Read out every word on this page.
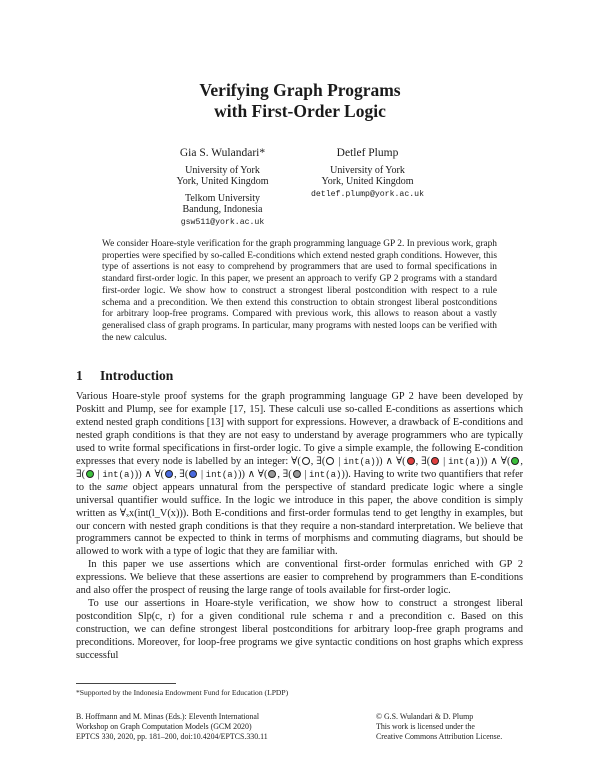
Verifying Graph Programs
with First-Order Logic
Gia S. Wulandari*
University of York
York, United Kingdom
Telkom University
Bandung, Indonesia
gsw511@york.ac.uk
Detlef Plump
University of York
York, United Kingdom
detlef.plump@york.ac.uk
We consider Hoare-style verification for the graph programming language GP 2. In previous work, graph properties were specified by so-called E-conditions which extend nested graph conditions. However, this type of assertions is not easy to comprehend by programmers that are used to formal specifications in standard first-order logic. In this paper, we present an approach to verify GP 2 programs with a standard first-order logic. We show how to construct a strongest liberal postcondition with respect to a rule schema and a precondition. We then extend this construction to obtain strongest liberal postconditions for arbitrary loop-free programs. Compared with previous work, this allows to reason about a vastly generalised class of graph programs. In particular, many programs with nested loops can be verified with the new calculus.
1 Introduction

Various Hoare-style proof systems for the graph programming language GP 2 have been developed by Poskitt and Plump, see for example [17, 15]. These calculi use so-called E-conditions as assertions which extend nested graph conditions [13] with support for expressions. However, a drawback of E-conditions and nested graph conditions is that they are not easy to understand by average programmers who are typically used to write formal specifications in first-order logic. To give a simple example, the following E-condition expresses that every node is labelled by an integer: ∀( , ∃( | int(a))) ∧ ∀( , ∃( | int(a))) ∧ ∀( , ∃( | int(a))) ∧ ∀( , ∃( | int(a))) ∧ ∀( , ∃( | int(a))). Having to write two quantifiers that refer to the same object appears unnatural from the perspective of standard predicate logic where a single universal quantifier would suffice. In the logic we introduce in this paper, the above condition is simply written as ∀ₓx(int(l_V(x))). Both E-conditions and first-order formulas tend to get lengthy in examples, but our concern with nested graph conditions is that they require a non-standard interpretation. We believe that programmers cannot be expected to think in terms of morphisms and commuting diagrams, but should be allowed to work with a type of logic that they are familiar with.

In this paper we use assertions which are conventional first-order formulas enriched with GP 2 expressions. We believe that these assertions are easier to comprehend by programmers than E-conditions and also offer the prospect of reusing the large range of tools available for first-order logic.

To use our assertions in Hoare-style verification, we show how to construct a strongest liberal postcondition Slp(c, r) for a given conditional rule schema r and a precondition c. Based on this construction, we can define strongest liberal postconditions for arbitrary loop-free graph programs and preconditions. Moreover, for loop-free programs we give syntactic conditions on host graphs which express successful

*Supported by the Indonesia Endowment Fund for Education (LPDP)
B. Hoffmann and M. Minas (Eds.): Eleventh International
Workshop on Graph Computation Models (GCM 2020)
EPTCS 330, 2020, pp. 181–200, doi:10.4204/EPTCS.330.11
© G.S. Wulandari & D. Plump
This work is licensed under the
Creative Commons Attribution License.
